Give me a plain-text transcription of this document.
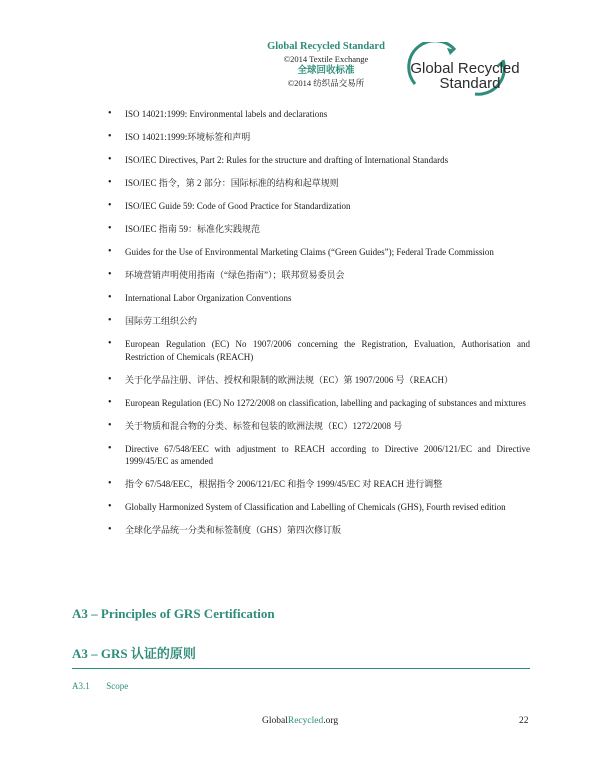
Global Recycled Standard
©2014 Textile Exchange
全球回收标准
©2014 纺织品交易所
Global Recycled
Standard
• ISO 14021:1999: Environmental labels and declarations
• ISO 14021:1999:环境标签和声明
• ISO/IEC Directives, Part 2: Rules for the structure and drafting of International Standards
• ISO/IEC 指令，第 2 部分：国际标准的结构和起草规则
• ISO/IEC Guide 59: Code of Good Practice for Standardization
• ISO/IEC 指南 59：标准化实践规范
• Guides for the Use of Environmental Marketing Claims (“Green Guides”); Federal Trade Commission
• 环境营销声明使用指南（“绿色指南”）；联邦贸易委员会
• International Labor Organization Conventions
• 国际劳工组织公约
• European Regulation (EC) No 1907/2006 concerning the Registration, Evaluation, Authorisation and Restriction of Chemicals (REACH)
• 关于化学品注册、评估、授权和限制的欧洲法规（EC）第 1907/2006 号（REACH）
• European Regulation (EC) No 1272/2008 on classification, labelling and packaging of substances and mixtures
• 关于物质和混合物的分类、标签和包装的欧洲法规（EC）1272/2008 号
• Directive 67/548/EEC with adjustment to REACH according to Directive 2006/121/EC and Directive 1999/45/EC as amended
• 指令 67/548/EEC，根据指令 2006/121/EC 和指令 1999/45/EC 对 REACH 进行调整
• Globally Harmonized System of Classification and Labelling of Chemicals (GHS), Fourth revised edition
• 全球化学品统一分类和标签制度（GHS）第四次修订版
A3 – Principles of GRS Certification
A3 – GRS 认证的原则
A3.1 Scope
GlobalRecycled.org	22
